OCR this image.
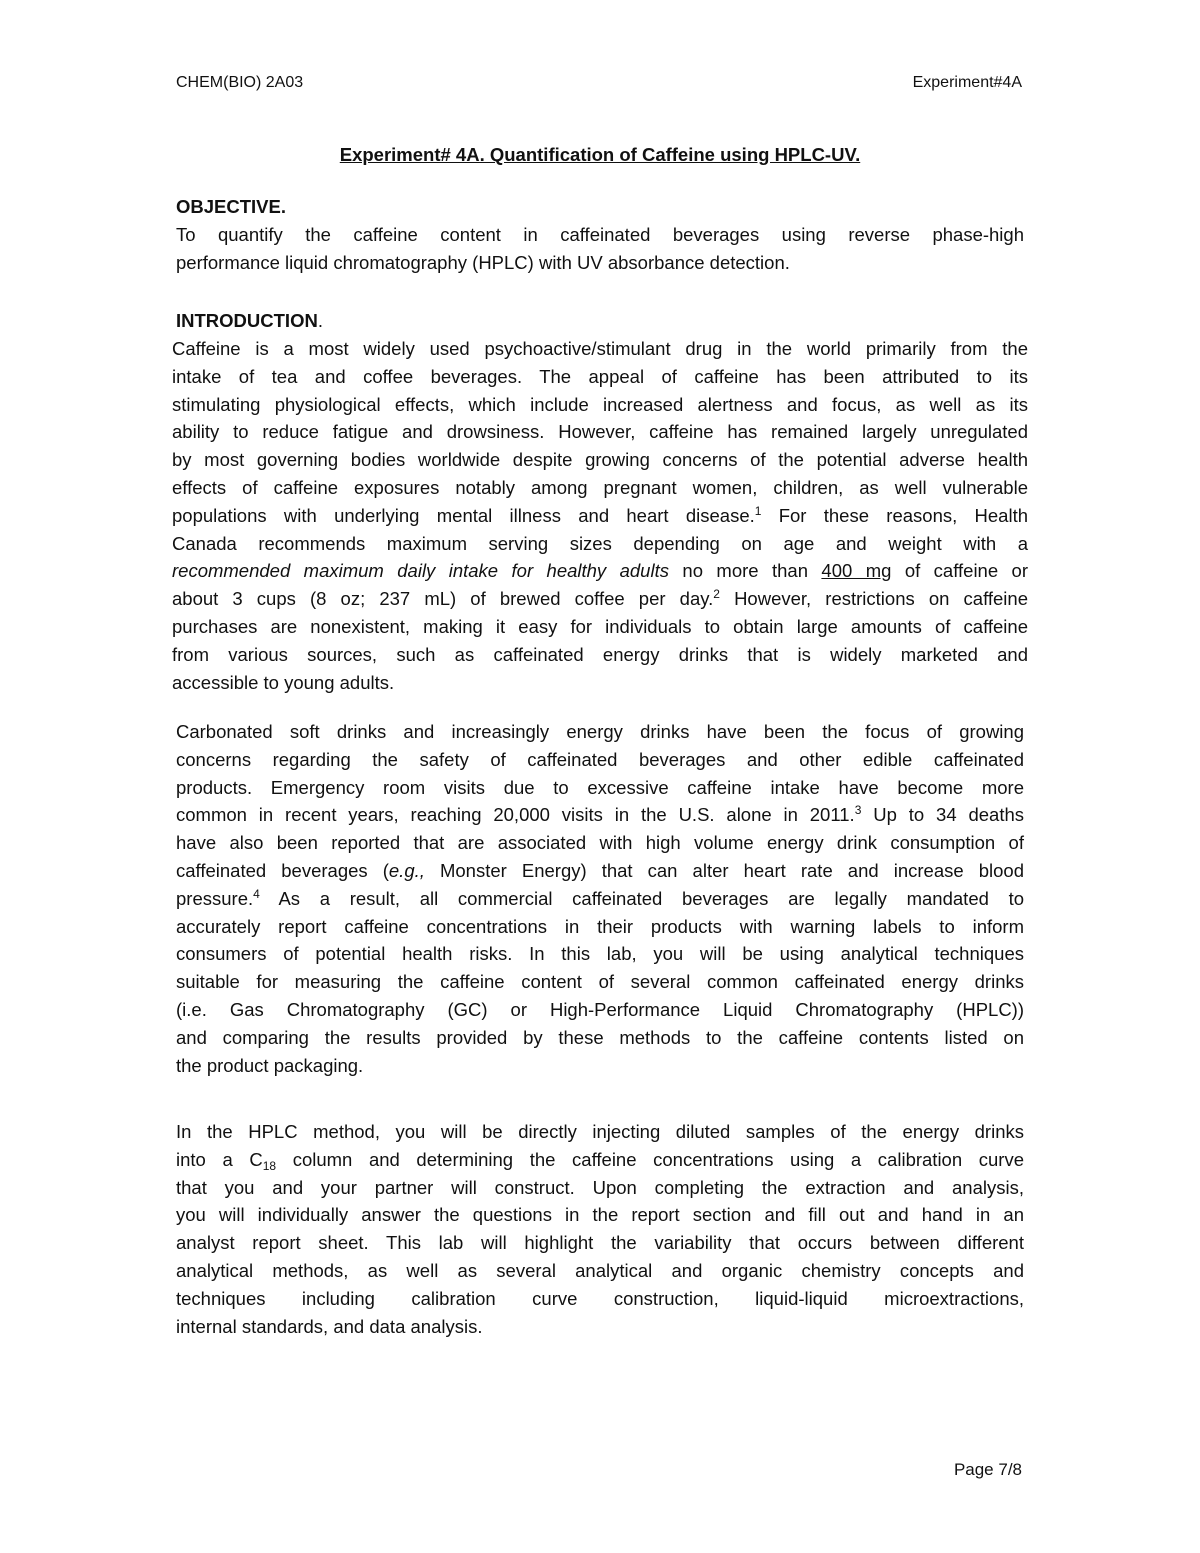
CHEM(BIO) 2A03	Experiment#4A
Experiment# 4A. Quantification of Caffeine using HPLC-UV.
OBJECTIVE.
To quantify the caffeine content in caffeinated beverages using reverse phase-high
performance liquid chromatography (HPLC) with UV absorbance detection.
INTRODUCTION.
Caffeine is a most widely used psychoactive/stimulant drug in the world primarily from the
intake of tea and coffee beverages. The appeal of caffeine has been attributed to its
stimulating physiological effects, which include increased alertness and focus, as well as its
ability to reduce fatigue and drowsiness. However, caffeine has remained largely unregulated
by most governing bodies worldwide despite growing concerns of the potential adverse health
effects of caffeine exposures notably among pregnant women, children, as well vulnerable
populations with underlying mental illness and heart disease.$^1$ For these reasons, Health
Canada recommends maximum serving sizes depending on age and weight with a
recommended maximum daily intake for healthy adults no more than 400 mg of caffeine or
about 3 cups (8 oz; 237 mL) of brewed coffee per day.$^2$ However, restrictions on caffeine
purchases are nonexistent, making it easy for individuals to obtain large amounts of caffeine
from various sources, such as caffeinated energy drinks that is widely marketed and
accessible to young adults.
Carbonated soft drinks and increasingly energy drinks have been the focus of growing
concerns regarding the safety of caffeinated beverages and other edible caffeinated
products. Emergency room visits due to excessive caffeine intake have become more
common in recent years, reaching 20,000 visits in the U.S. alone in 2011.$^3$ Up to 34 deaths
have also been reported that are associated with high volume energy drink consumption of
caffeinated beverages (e.g., Monster Energy) that can alter heart rate and increase blood
pressure.$^4$ As a result, all commercial caffeinated beverages are legally mandated to
accurately report caffeine concentrations in their products with warning labels to inform
consumers of potential health risks. In this lab, you will be using analytical techniques
suitable for measuring the caffeine content of several common caffeinated energy drinks
(i.e. Gas Chromatography (GC) or High-Performance Liquid Chromatography (HPLC))
and comparing the results provided by these methods to the caffeine contents listed on
the product packaging.
In the HPLC method, you will be directly injecting diluted samples of the energy drinks
into a $C_{18}$ column and determining the caffeine concentrations using a calibration curve
that you and your partner will construct. Upon completing the extraction and analysis,
you will individually answer the questions in the report section and fill out and hand in an
analyst report sheet. This lab will highlight the variability that occurs between different
analytical methods, as well as several analytical and organic chemistry concepts and
techniques including calibration curve construction, liquid-liquid microextractions,
internal standards, and data analysis.
Page 7/8
